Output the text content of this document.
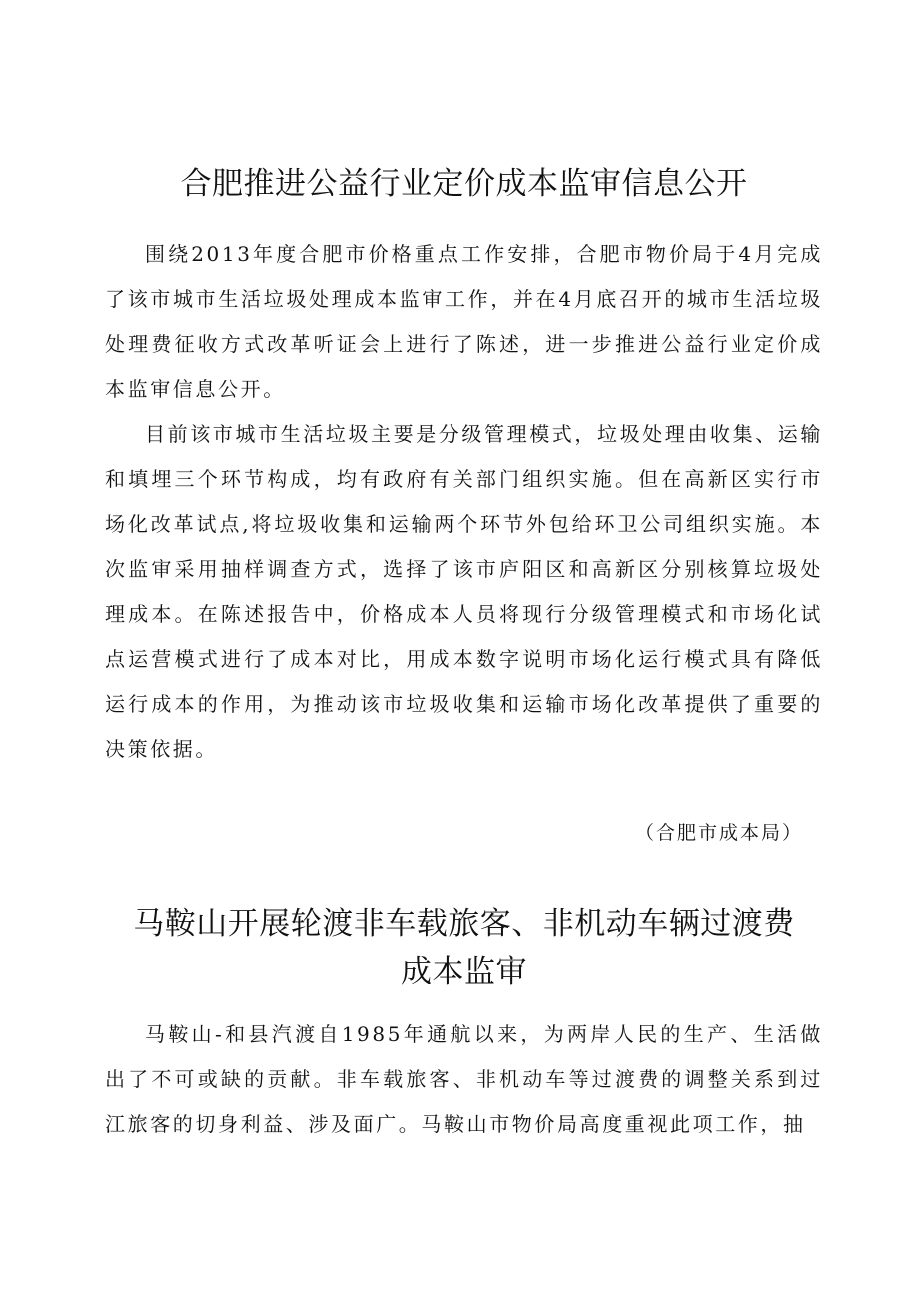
合肥推进公益行业定价成本监审信息公开

围绕2013年度合肥市价格重点工作安排，合肥市物价局于4月完成了该市城市生活垃圾处理成本监审工作，并在4月底召开的城市生活垃圾处理费征收方式改革听证会上进行了陈述，进一步推进公益行业定价成本监审信息公开。

目前该市城市生活垃圾主要是分级管理模式，垃圾处理由收集、运输和填埋三个环节构成，均有政府有关部门组织实施。但在高新区实行市场化改革试点,将垃圾收集和运输两个环节外包给环卫公司组织实施。本次监审采用抽样调查方式，选择了该市庐阳区和高新区分别核算垃圾处理成本。在陈述报告中，价格成本人员将现行分级管理模式和市场化试点运营模式进行了成本对比，用成本数字说明市场化运行模式具有降低运行成本的作用，为推动该市垃圾收集和运输市场化改革提供了重要的决策依据。

（合肥市成本局）
马鞍山开展轮渡非车载旅客、非机动车辆过渡费
成本监审

马鞍山-和县汽渡自1985年通航以来，为两岸人民的生产、生活做出了不可或缺的贡献。非车载旅客、非机动车等过渡费的调整关系到过江旅客的切身利益、涉及面广。马鞍山市物价局高度重视此项工作，抽
